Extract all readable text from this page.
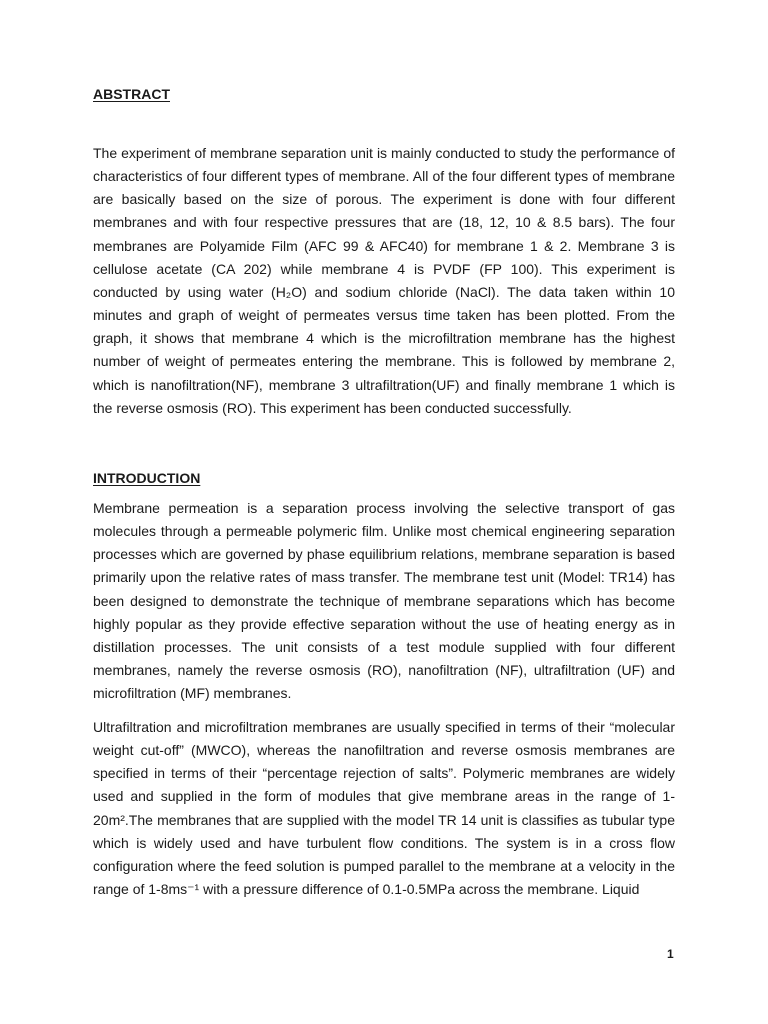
ABSTRACT

The experiment of membrane separation unit is mainly conducted to study the performance of characteristics of four different types of membrane. All of the four different types of membrane are basically based on the size of porous. The experiment is done with four different membranes and with four respective pressures that are (18, 12, 10 & 8.5 bars). The four membranes are Polyamide Film (AFC 99 & AFC40) for membrane 1 & 2. Membrane 3 is cellulose acetate (CA 202) while membrane 4 is PVDF (FP 100). This experiment is conducted by using water (H₂O) and sodium chloride (NaCl). The data taken within 10 minutes and graph of weight of permeates versus time taken has been plotted. From the graph, it shows that membrane 4 which is the microfiltration membrane has the highest number of weight of permeates entering the membrane. This is followed by membrane 2, which is nanofiltration(NF), membrane 3 ultrafiltration(UF) and finally membrane 1 which is the reverse osmosis (RO). This experiment has been conducted successfully.

INTRODUCTION

Membrane permeation is a separation process involving the selective transport of gas molecules through a permeable polymeric film. Unlike most chemical engineering separation processes which are governed by phase equilibrium relations, membrane separation is based primarily upon the relative rates of mass transfer. The membrane test unit (Model: TR14) has been designed to demonstrate the technique of membrane separations which has become highly popular as they provide effective separation without the use of heating energy as in distillation processes. The unit consists of a test module supplied with four different membranes, namely the reverse osmosis (RO), nanofiltration (NF), ultrafiltration (UF) and microfiltration (MF) membranes.

Ultrafiltration and microfiltration membranes are usually specified in terms of their “molecular weight cut-off” (MWCO), whereas the nanofiltration and reverse osmosis membranes are specified in terms of their “percentage rejection of salts”. Polymeric membranes are widely used and supplied in the form of modules that give membrane areas in the range of 1-20m².The membranes that are supplied with the model TR 14 unit is classifies as tubular type which is widely used and have turbulent flow conditions. The system is in a cross flow configuration where the feed solution is pumped parallel to the membrane at a velocity in the range of 1-8ms⁻¹ with a pressure difference of 0.1-0.5MPa across the membrane. Liquid

1
